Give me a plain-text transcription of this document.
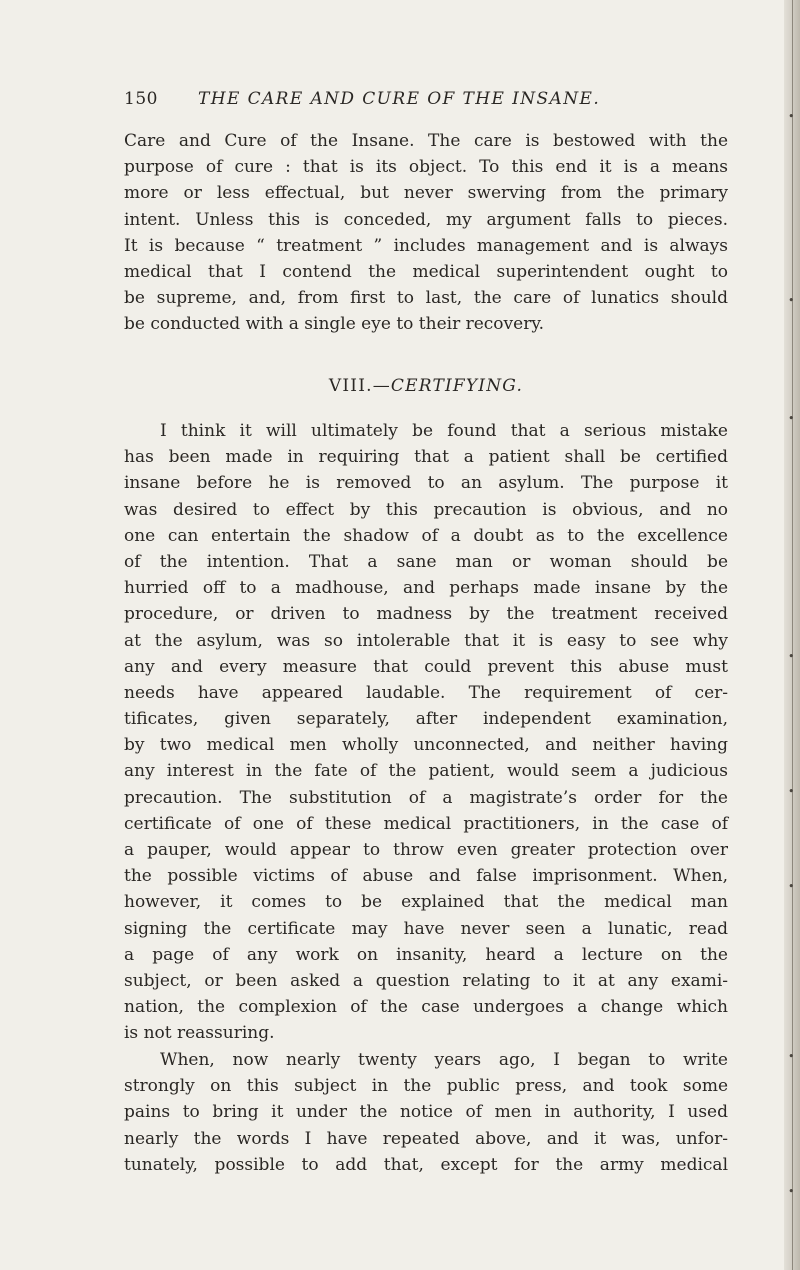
150 THE CARE AND CURE OF THE INSANE.
Care and Cure of the Insane. The care is bestowed with the
purpose of cure : that is its object. To this end it is a means
more or less effectual, but never swerving from the primary
intent. Unless this is conceded, my argument falls to pieces.
It is because “ treatment ” includes management and is always
medical that I contend the medical superintendent ought to
be supreme, and, from first to last, the care of lunatics should
be conducted with a single eye to their recovery.
VIII.—CERTIFYING.
I think it will ultimately be found that a serious mistake
has been made in requiring that a patient shall be certified
insane before he is removed to an asylum. The purpose it
was desired to effect by this precaution is obvious, and no
one can entertain the shadow of a doubt as to the excellence
of the intention. That a sane man or woman should be
hurried off to a madhouse, and perhaps made insane by the
procedure, or driven to madness by the treatment received
at the asylum, was so intolerable that it is easy to see why
any and every measure that could prevent this abuse must
needs have appeared laudable. The requirement of cer-
tificates, given separately, after independent examination,
by two medical men wholly unconnected, and neither having
any interest in the fate of the patient, would seem a judicious
precaution. The substitution of a magistrate’s order for the
certificate of one of these medical practitioners, in the case of
a pauper, would appear to throw even greater protection over
the possible victims of abuse and false imprisonment. When,
however, it comes to be explained that the medical man
signing the certificate may have never seen a lunatic, read
a page of any work on insanity, heard a lecture on the
subject, or been asked a question relating to it at any exami-
nation, the complexion of the case undergoes a change which
is not reassuring.
When, now nearly twenty years ago, I began to write
strongly on this subject in the public press, and took some
pains to bring it under the notice of men in authority, I used
nearly the words I have repeated above, and it was, unfor-
tunately, possible to add that, except for the army medical
•
•
•
•
•
•
•
•
